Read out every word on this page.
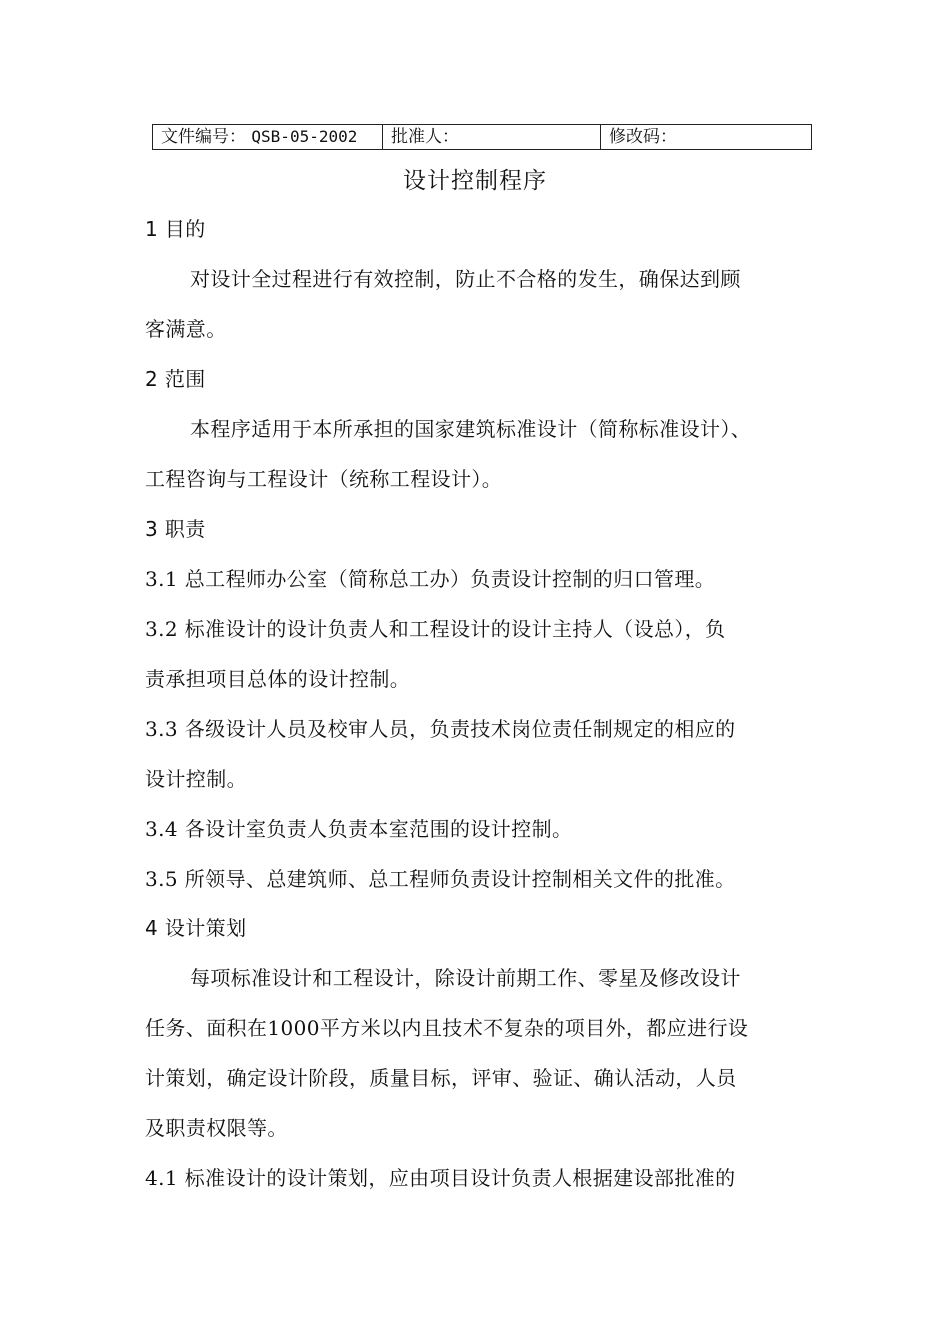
文件编号： QSB-05-2002	批准人：	修改码：
设计控制程序
1 目的
对设计全过程进行有效控制，防止不合格的发生，确保达到顾
客满意。
2 范围
本程序适用于本所承担的国家建筑标准设计（简称标准设计）、
工程咨询与工程设计（统称工程设计）。
3 职责
3.1 总工程师办公室（简称总工办）负责设计控制的归口管理。
3.2 标准设计的设计负责人和工程设计的设计主持人（设总），负
责承担项目总体的设计控制。
3.3 各级设计人员及校审人员，负责技术岗位责任制规定的相应的
设计控制。
3.4 各设计室负责人负责本室范围的设计控制。
3.5 所领导、总建筑师、总工程师负责设计控制相关文件的批准。
4 设计策划
每项标准设计和工程设计，除设计前期工作、零星及修改设计
任务、面积在1000平方米以内且技术不复杂的项目外，都应进行设
计策划，确定设计阶段，质量目标，评审、验证、确认活动，人员
及职责权限等。
4.1 标准设计的设计策划，应由项目设计负责人根据建设部批准的
